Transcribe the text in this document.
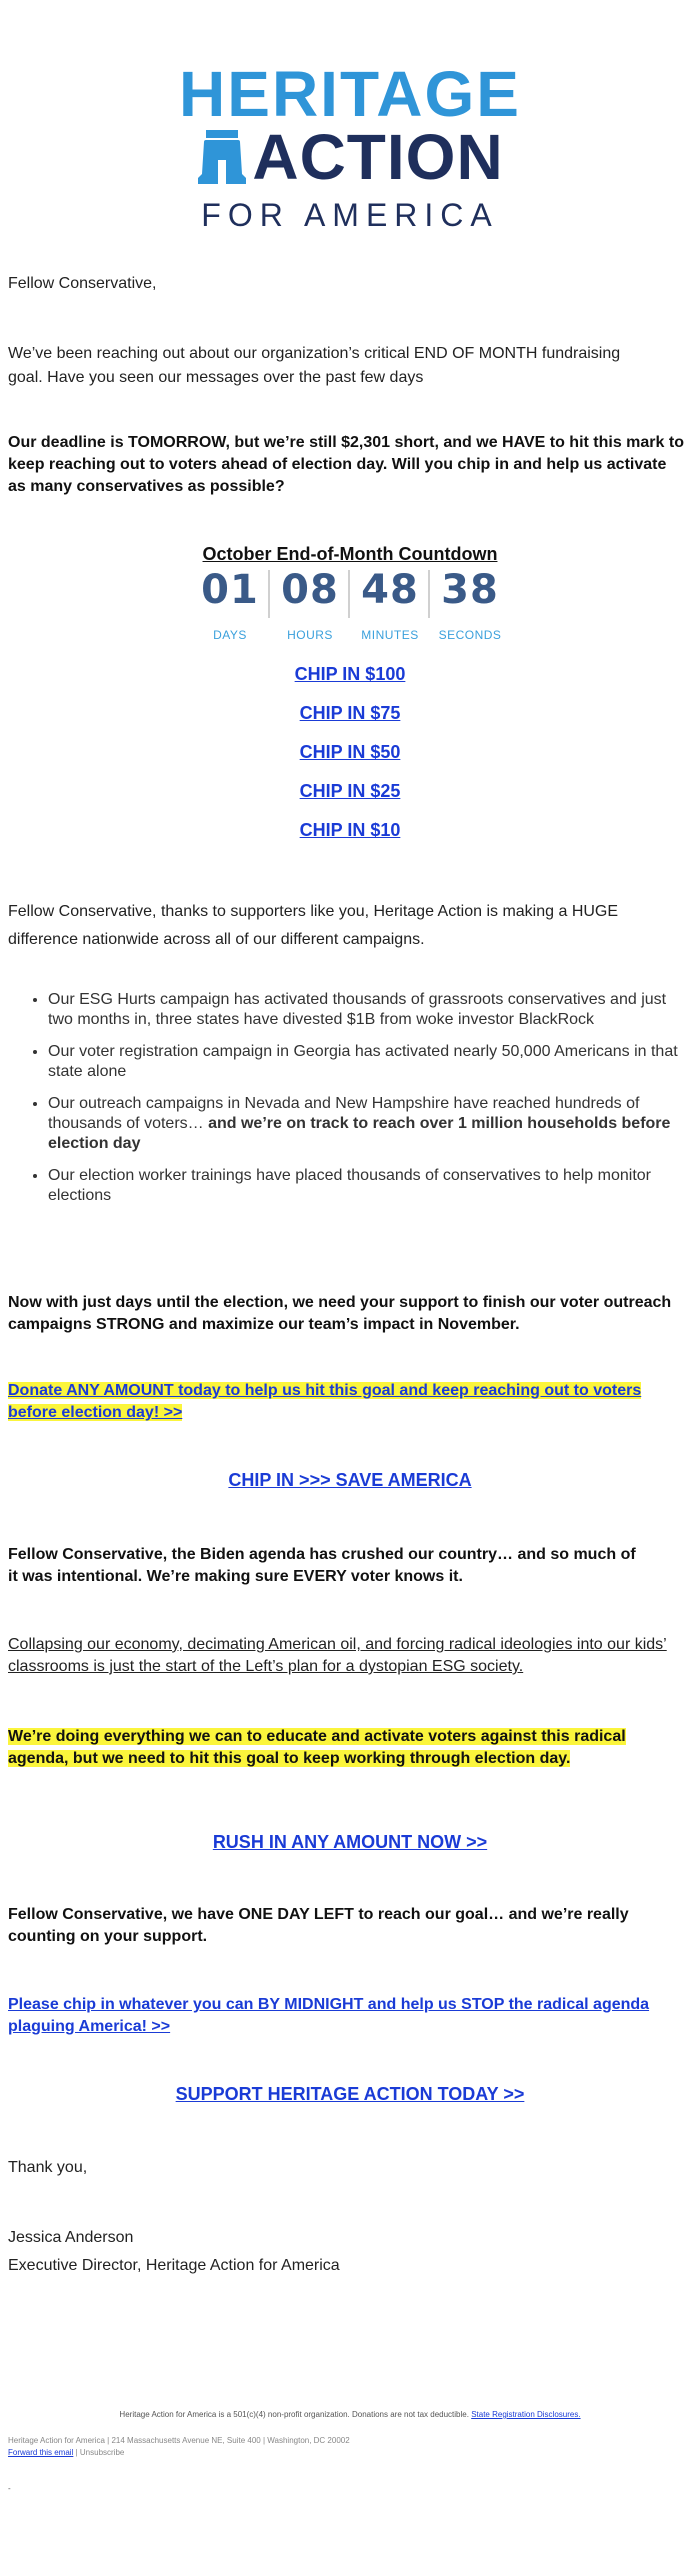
HERITAGE
ACTION
FOR AMERICA
Fellow Conservative,
We’ve been reaching out about our organization’s critical END OF MONTH fundraising goal. Have you seen our messages over the past few days
Our deadline is TOMORROW, but we’re still $2,301 short, and we HAVE to hit this mark to keep reaching out to voters ahead of election day. Will you chip in and help us activate as many conservatives as possible?
October End-of-Month Countdown
01
DAYS
08
HOURS
48
MINUTES
38
SECONDS
CHIP IN $100
CHIP IN $75
CHIP IN $50
CHIP IN $25
CHIP IN $10
Fellow Conservative, thanks to supporters like you, Heritage Action is making a HUGE difference nationwide across all of our different campaigns.
• Our ESG Hurts campaign has activated thousands of grassroots conservatives and just two months in, three states have divested $1B from woke investor BlackRock
• Our voter registration campaign in Georgia has activated nearly 50,000 Americans in that state alone
• Our outreach campaigns in Nevada and New Hampshire have reached hundreds of thousands of voters… and we’re on track to reach over 1 million households before election day
• Our election worker trainings have placed thousands of conservatives to help monitor elections
Now with just days until the election, we need your support to finish our voter outreach campaigns STRONG and maximize our team’s impact in November.
Donate ANY AMOUNT today to help us hit this goal and keep reaching out to voters before election day! >>
CHIP IN >>> SAVE AMERICA
Fellow Conservative, the Biden agenda has crushed our country… and so much of it was intentional. We’re making sure EVERY voter knows it.
Collapsing our economy, decimating American oil, and forcing radical ideologies into our kids’ classrooms is just the start of the Left’s plan for a dystopian ESG society.
We’re doing everything we can to educate and activate voters against this radical agenda, but we need to hit this goal to keep working through election day.
RUSH IN ANY AMOUNT NOW >>
Fellow Conservative, we have ONE DAY LEFT to reach our goal… and we’re really counting on your support.
Please chip in whatever you can BY MIDNIGHT and help us STOP the radical agenda plaguing America! >>
SUPPORT HERITAGE ACTION TODAY >>
Thank you,
Jessica Anderson
Executive Director, Heritage Action for America
Heritage Action for America is a 501(c)(4) non-profit organization. Donations are not tax deductible. State Registration Disclosures.
Heritage Action for America | 214 Massachusetts Avenue NE, Suite 400 | Washington, DC 20002
Forward this email | Unsubscribe
-
